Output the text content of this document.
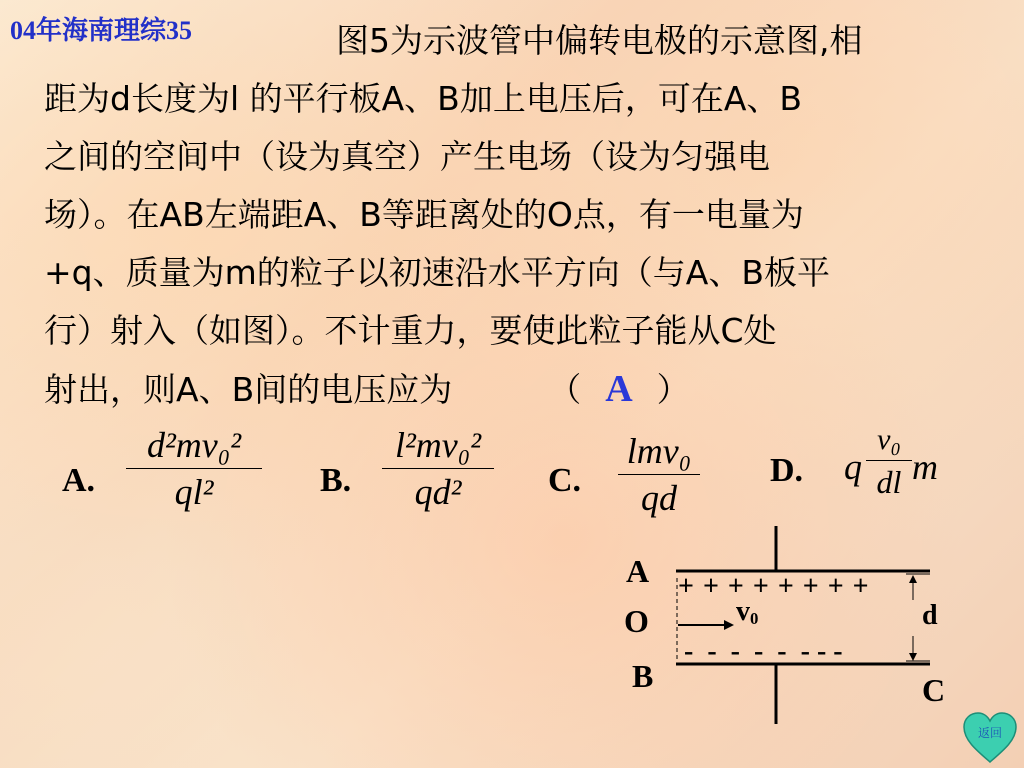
04年海南理综35	图5为示波管中偏转电极的示意图,相
距为d长度为l 的平行板A、B加上电压后，可在A、B
之间的空间中（设为真空）产生电场（设为匀强电
场）。在AB左端距A、B等距离处的O点，有一电量为
+q、质量为m的粒子以初速沿水平方向（与A、B板平
行）射入（如图）。不计重力，要使此粒子能从C处
射出，则A、B间的电压应为	（ A ）
A.
d²mv₀²
ql²	B.
l²mv₀²
qd²	C.
lmv₀
qd
D. q
v₀
dl m
A
O
B	C
d
$v_0$
+ + + + + + + +
-  -  -  -  -  - - -
返回
